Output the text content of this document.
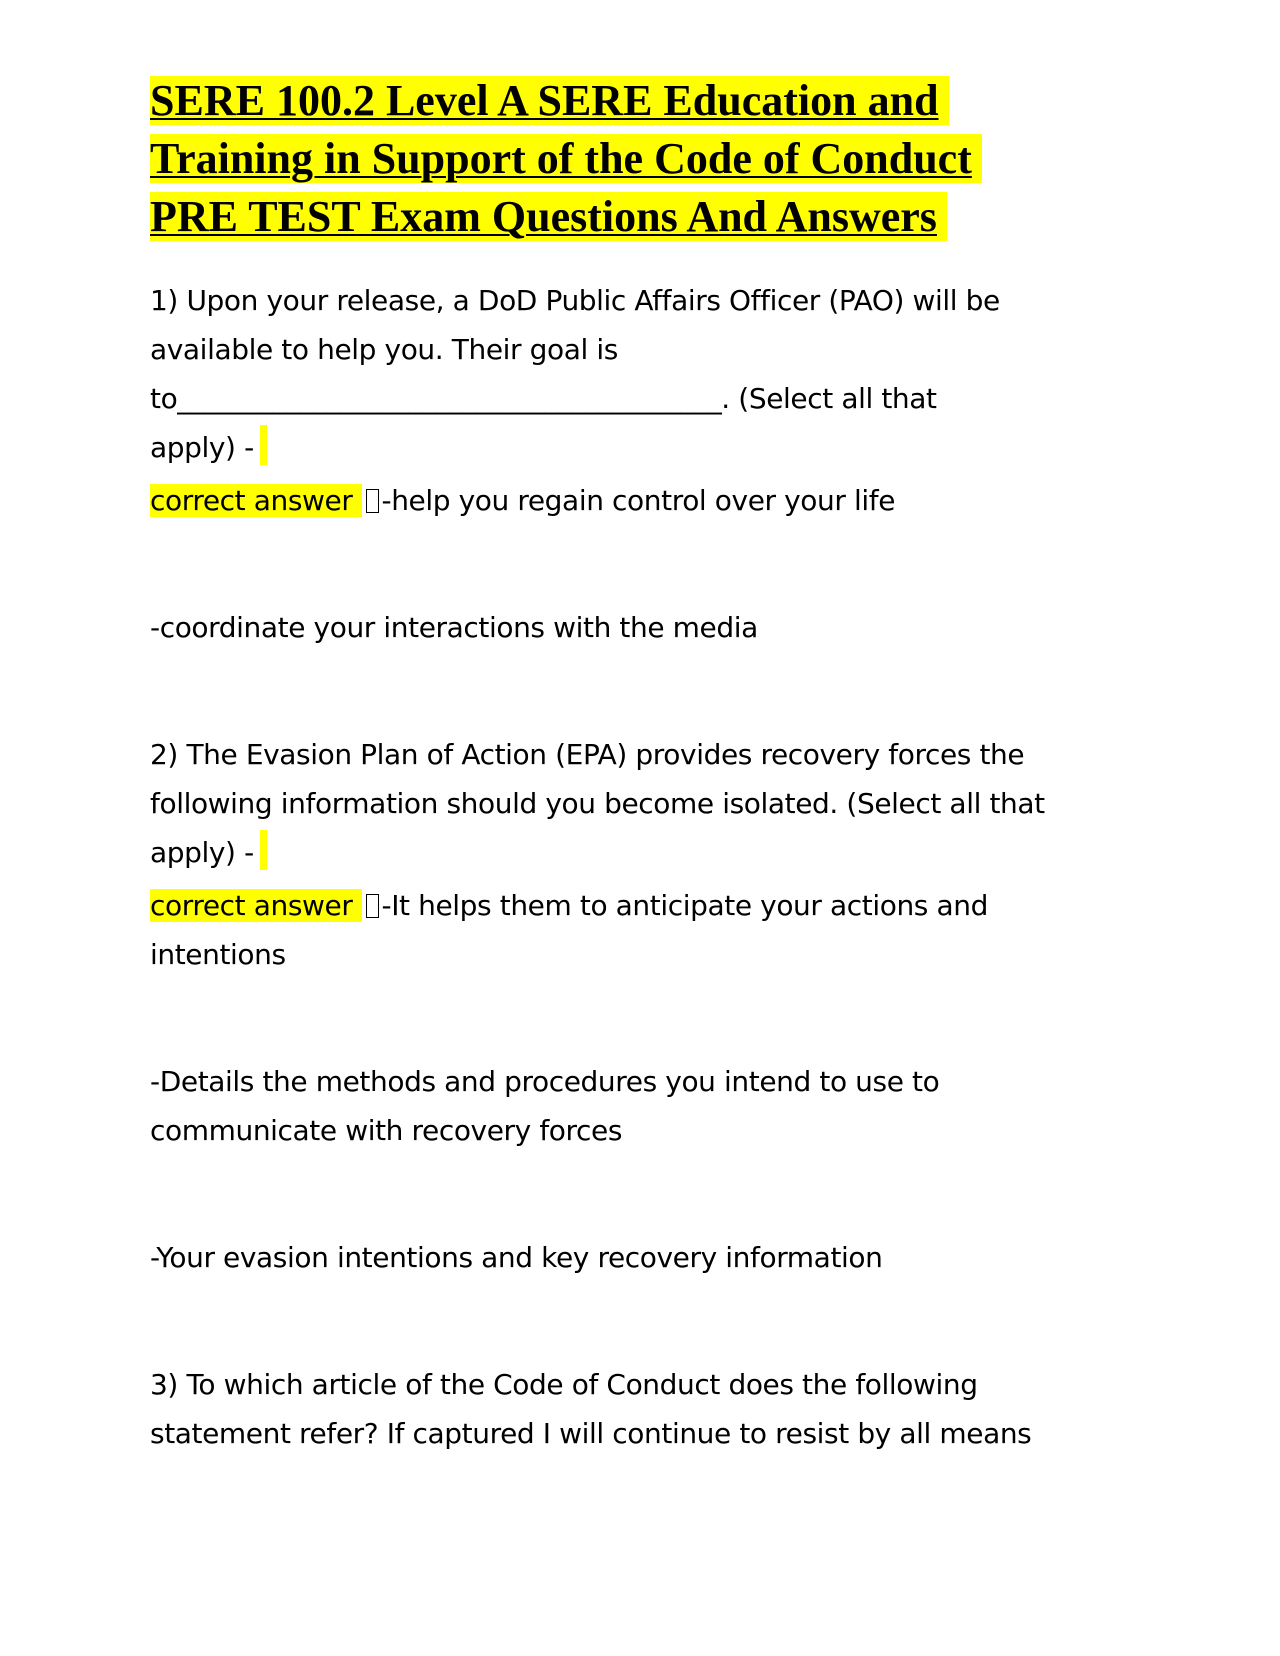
SERE 100.2 Level A SERE Education and
Training in Support of the Code of Conduct
PRE TEST Exam Questions And Answers

1) Upon your release, a DoD Public Affairs Officer (PAO) will be

available to help you. Their goal is

to________________________________________. (Select all that

apply) -

correct answer -help you regain control over your life

-coordinate your interactions with the media

2) The Evasion Plan of Action (EPA) provides recovery forces the

following information should you become isolated. (Select all that

apply) -

correct answer -It helps them to anticipate your actions and

intentions

-Details the methods and procedures you intend to use to

communicate with recovery forces

-Your evasion intentions and key recovery information

3) To which article of the Code of Conduct does the following

statement refer? If captured I will continue to resist by all means
